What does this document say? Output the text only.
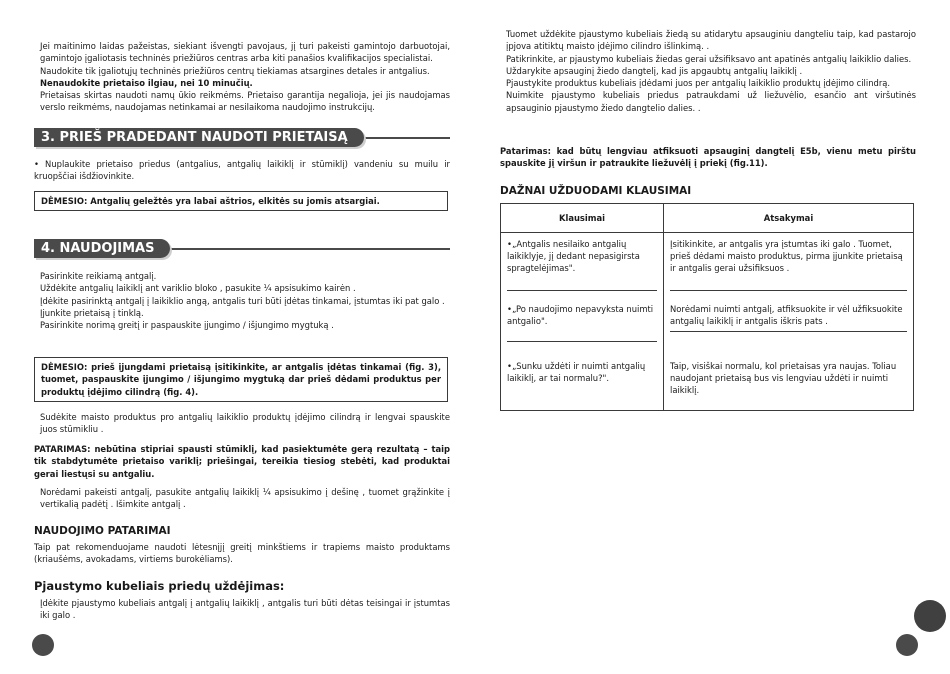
Jei maitinimo laidas pažeistas, siekiant išvengti pavojaus, jį turi pakeisti gamintojo darbuotojai, gamintojo įgaliotasis techninės priežiūros centras arba kiti panašios kvalifikacijos specialistai.

Naudokite tik įgaliotųjų techninės priežiūros centrų tiekiamas atsargines detales ir antgalius.

Nenaudokite prietaiso ilgiau, nei 10 minučių.

Prietaisas skirtas naudoti namų ūkio reikmėms. Prietaiso garantija negalioja, jei jis naudojamas verslo reikmėms, naudojamas netinkamai ar nesilaikoma naudojimo instrukcijų.

3. PRIEŠ PRADEDANT NAUDOTI PRIETAISĄ

• Nuplaukite prietaiso priedus (antgalius, antgalių laikiklį ir stūmiklį) vandeniu su muilu ir kruopščiai išdžiovinkite.

DĖMESIO: Antgalių geležtės yra labai aštrios, elkitės su jomis atsargiai.

4. NAUDOJIMAS

Pasirinkite reikiamą antgalį.

Uždėkite antgalių laikiklį ant variklio bloko , pasukite ¼ apsisukimo kairėn .

Įdėkite pasirinktą antgalį į laikiklio angą, antgalis turi būti įdėtas tinkamai, įstumtas iki pat galo .

Įjunkite prietaisą į tinklą.

Pasirinkite norimą greitį ir paspauskite įjungimo / išjungimo mygtuką .

DĖMESIO: prieš įjungdami prietaisą įsitikinkite, ar antgalis įdėtas tinkamai (fig. 3), tuomet, paspauskite įjungimo / išjungimo mygtuką dar prieš dėdami produktus per produktų įdėjimo cilindrą (fig. 4).

Sudėkite maisto produktus pro antgalių laikiklio produktų įdėjimo cilindrą ir lengvai spauskite juos stūmikliu .

PATARIMAS: nebūtina stipriai spausti stūmiklį, kad pasiektumėte gerą rezultatą – taip tik stabdytumėte prietaiso variklį; priešingai, tereikia tiesiog stebėti, kad produktai gerai liestųsi su antgaliu.

Norėdami pakeisti antgalį, pasukite antgalių laikiklį ¼ apsisukimo į dešinę , tuomet grąžinkite į vertikalią padėtį . Išimkite antgalį .

NAUDOJIMO PATARIMAI

Taip pat rekomenduojame naudoti lėtesnįjį greitį minkštiems ir trapiems maisto produktams (kriaušėms, avokadams, virtiems burokėliams).

Pjaustymo kubeliais priedų uždėjimas:

Įdėkite pjaustymo kubeliais antgalį į antgalių laikiklį , antgalis turi būti dėtas teisingai ir įstumtas iki galo .

Tuomet uždėkite pjaustymo kubeliais žiedą su atidarytu apsauginiu dangteliu taip, kad pastarojo įpjova atitiktų maisto įdėjimo cilindro išlinkimą. .

Patikrinkite, ar pjaustymo kubeliais žiedas gerai užsifiksavo ant apatinės antgalių laikiklio dalies.

Uždarykite apsauginį žiedo dangtelį, kad jis apgaubtų antgalių laikiklį .

Pjaustykite produktus kubeliais įdėdami juos per antgalių laikiklio produktų įdėjimo cilindrą.

Nuimkite pjaustymo kubeliais priedus patraukdami už liežuvėlio, esančio ant viršutinės apsauginio pjaustymo žiedo dangtelio dalies. .

Patarimas: kad būtų lengviau atfiksuoti apsauginį dangtelį E5b, vienu metu pirštu spauskite jį viršun ir patraukite liežuvėlį į priekį (fig.11).

DAŽNAI UŽDUODAMI KLAUSIMAI
Klausimai	Atsakymai

•„Antgalis nesilaiko antgalių laikiklyje, jį dedant nepasigirsta spragtelėjimas".	Įsitikinkite, ar antgalis yra įstumtas iki galo . Tuomet, prieš dėdami maisto produktus, pirma įjunkite prietaisą ir antgalis gerai užsifiksuos .

•„Po naudojimo nepavyksta nuimti antgalio".	Norėdami nuimti antgalį, atfiksuokite ir vėl užfiksuokite antgalių laikiklį ir antgalis iškris pats .

•„Sunku uždėti ir nuimti antgalių laikiklį, ar tai normalu?".	Taip, visiškai normalu, kol prietaisas yra naujas. Toliau naudojant prietaisą bus vis lengviau uždėti ir nuimti laikiklį.
